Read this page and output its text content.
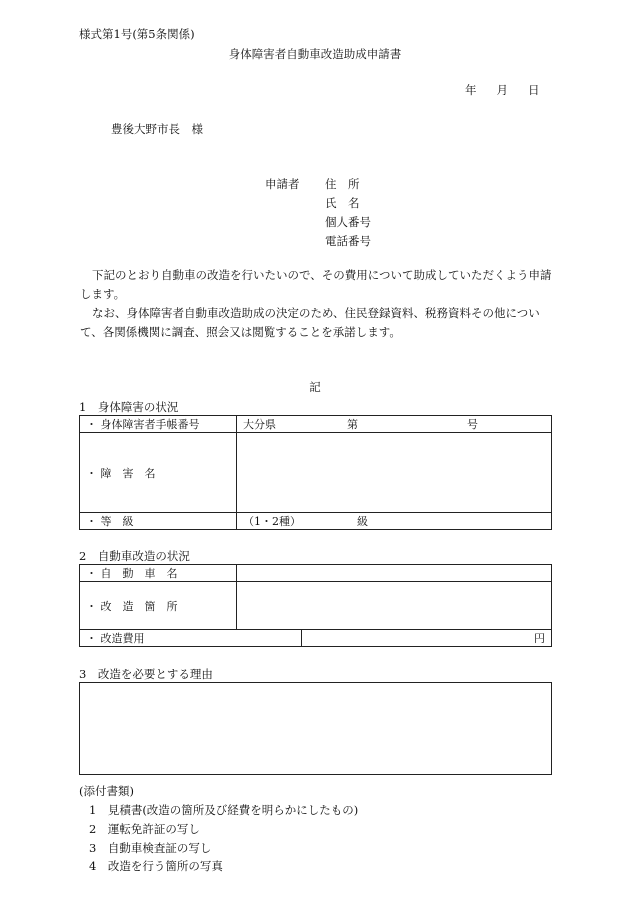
様式第1号(第5条関係)
身体障害者自動車改造助成申請書
年 月 日
豊後大野市長　様
申請者 住　所
氏　名
個人番号
電話番号
下記のとおり自動車の改造を行いたいので、その費用について助成していただくよう申請します。
なお、身体障害者自動車改造助成の決定のため、住民登録資料、税務資料その他について、各関係機関に調査、照会又は閲覧することを承諾します。
記
1　身体障害の状況
・ 身体障害者手帳番号	大分県 第 号

・ 障　害　名	
・ 等　級	（1・2種） 級
2　自動車改造の状況
・ 自　動　車　名		
・ 改　造　箇　所		
・ 改造費用		円
3　改造を必要とする理由
(添付書類)
1　見積書(改造の箇所及び経費を明らかにしたもの)
2　運転免許証の写し
3　自動車検査証の写し
4　改造を行う箇所の写真
